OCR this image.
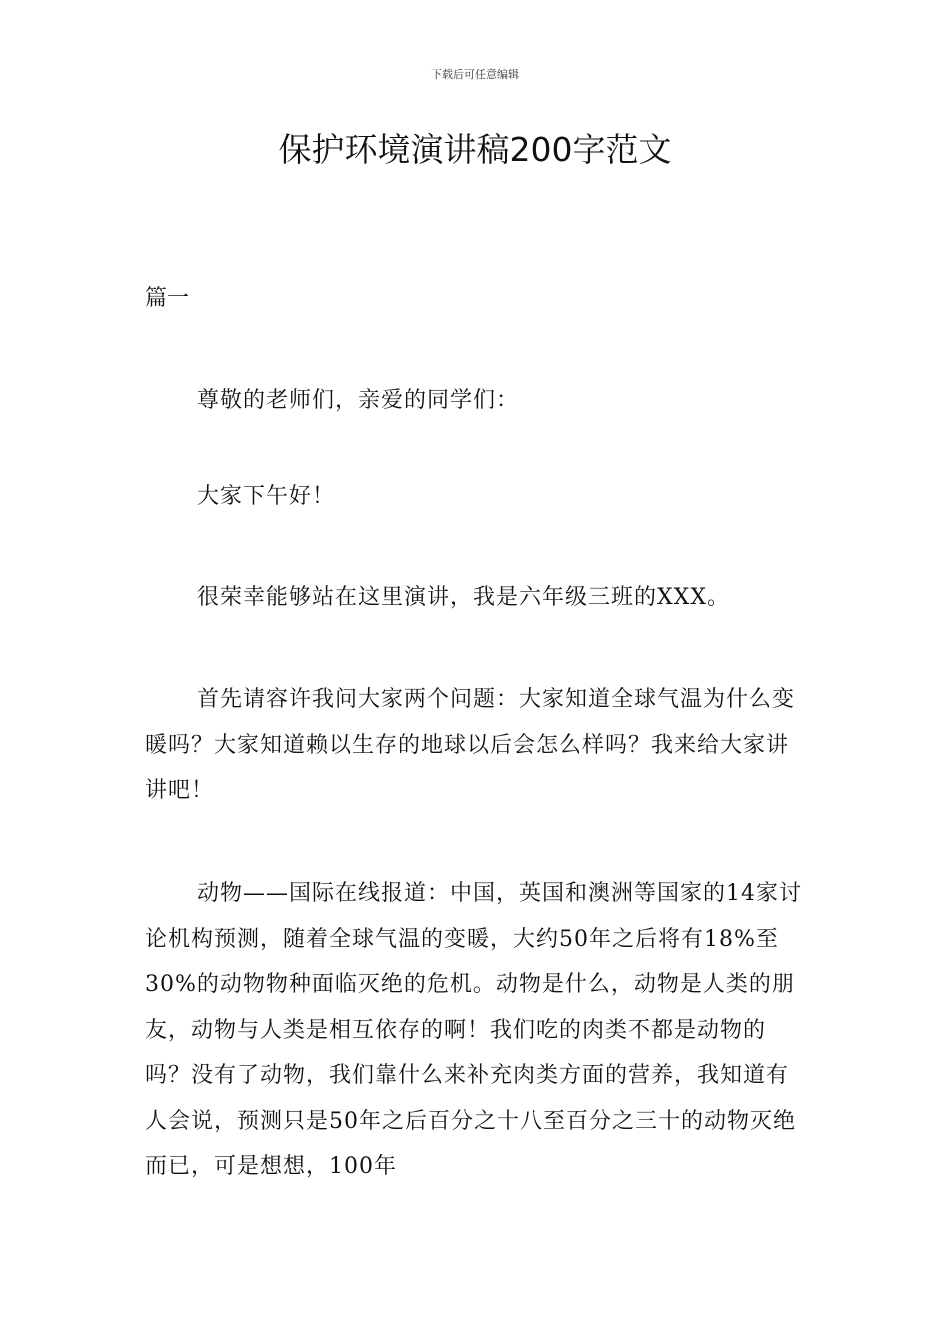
下载后可任意编辑
保护环境演讲稿200字范文
篇一

尊敬的老师们，亲爱的同学们：

大家下午好！

很荣幸能够站在这里演讲，我是六年级三班的XXX。

首先请容许我问大家两个问题：大家知道全球气温为什么变暖吗？大家知道赖以生存的地球以后会怎么样吗？我来给大家讲讲吧！

动物——国际在线报道：中国，英国和澳洲等国家的14家讨论机构预测，随着全球气温的变暖，大约50年之后将有18%至30%的动物物种面临灭绝的危机。动物是什么，动物是人类的朋友，动物与人类是相互依存的啊！我们吃的肉类不都是动物的吗？没有了动物，我们靠什么来补充肉类方面的营养，我知道有人会说，预测只是50年之后百分之十八至百分之三十的动物灭绝而已，可是想想，100年
